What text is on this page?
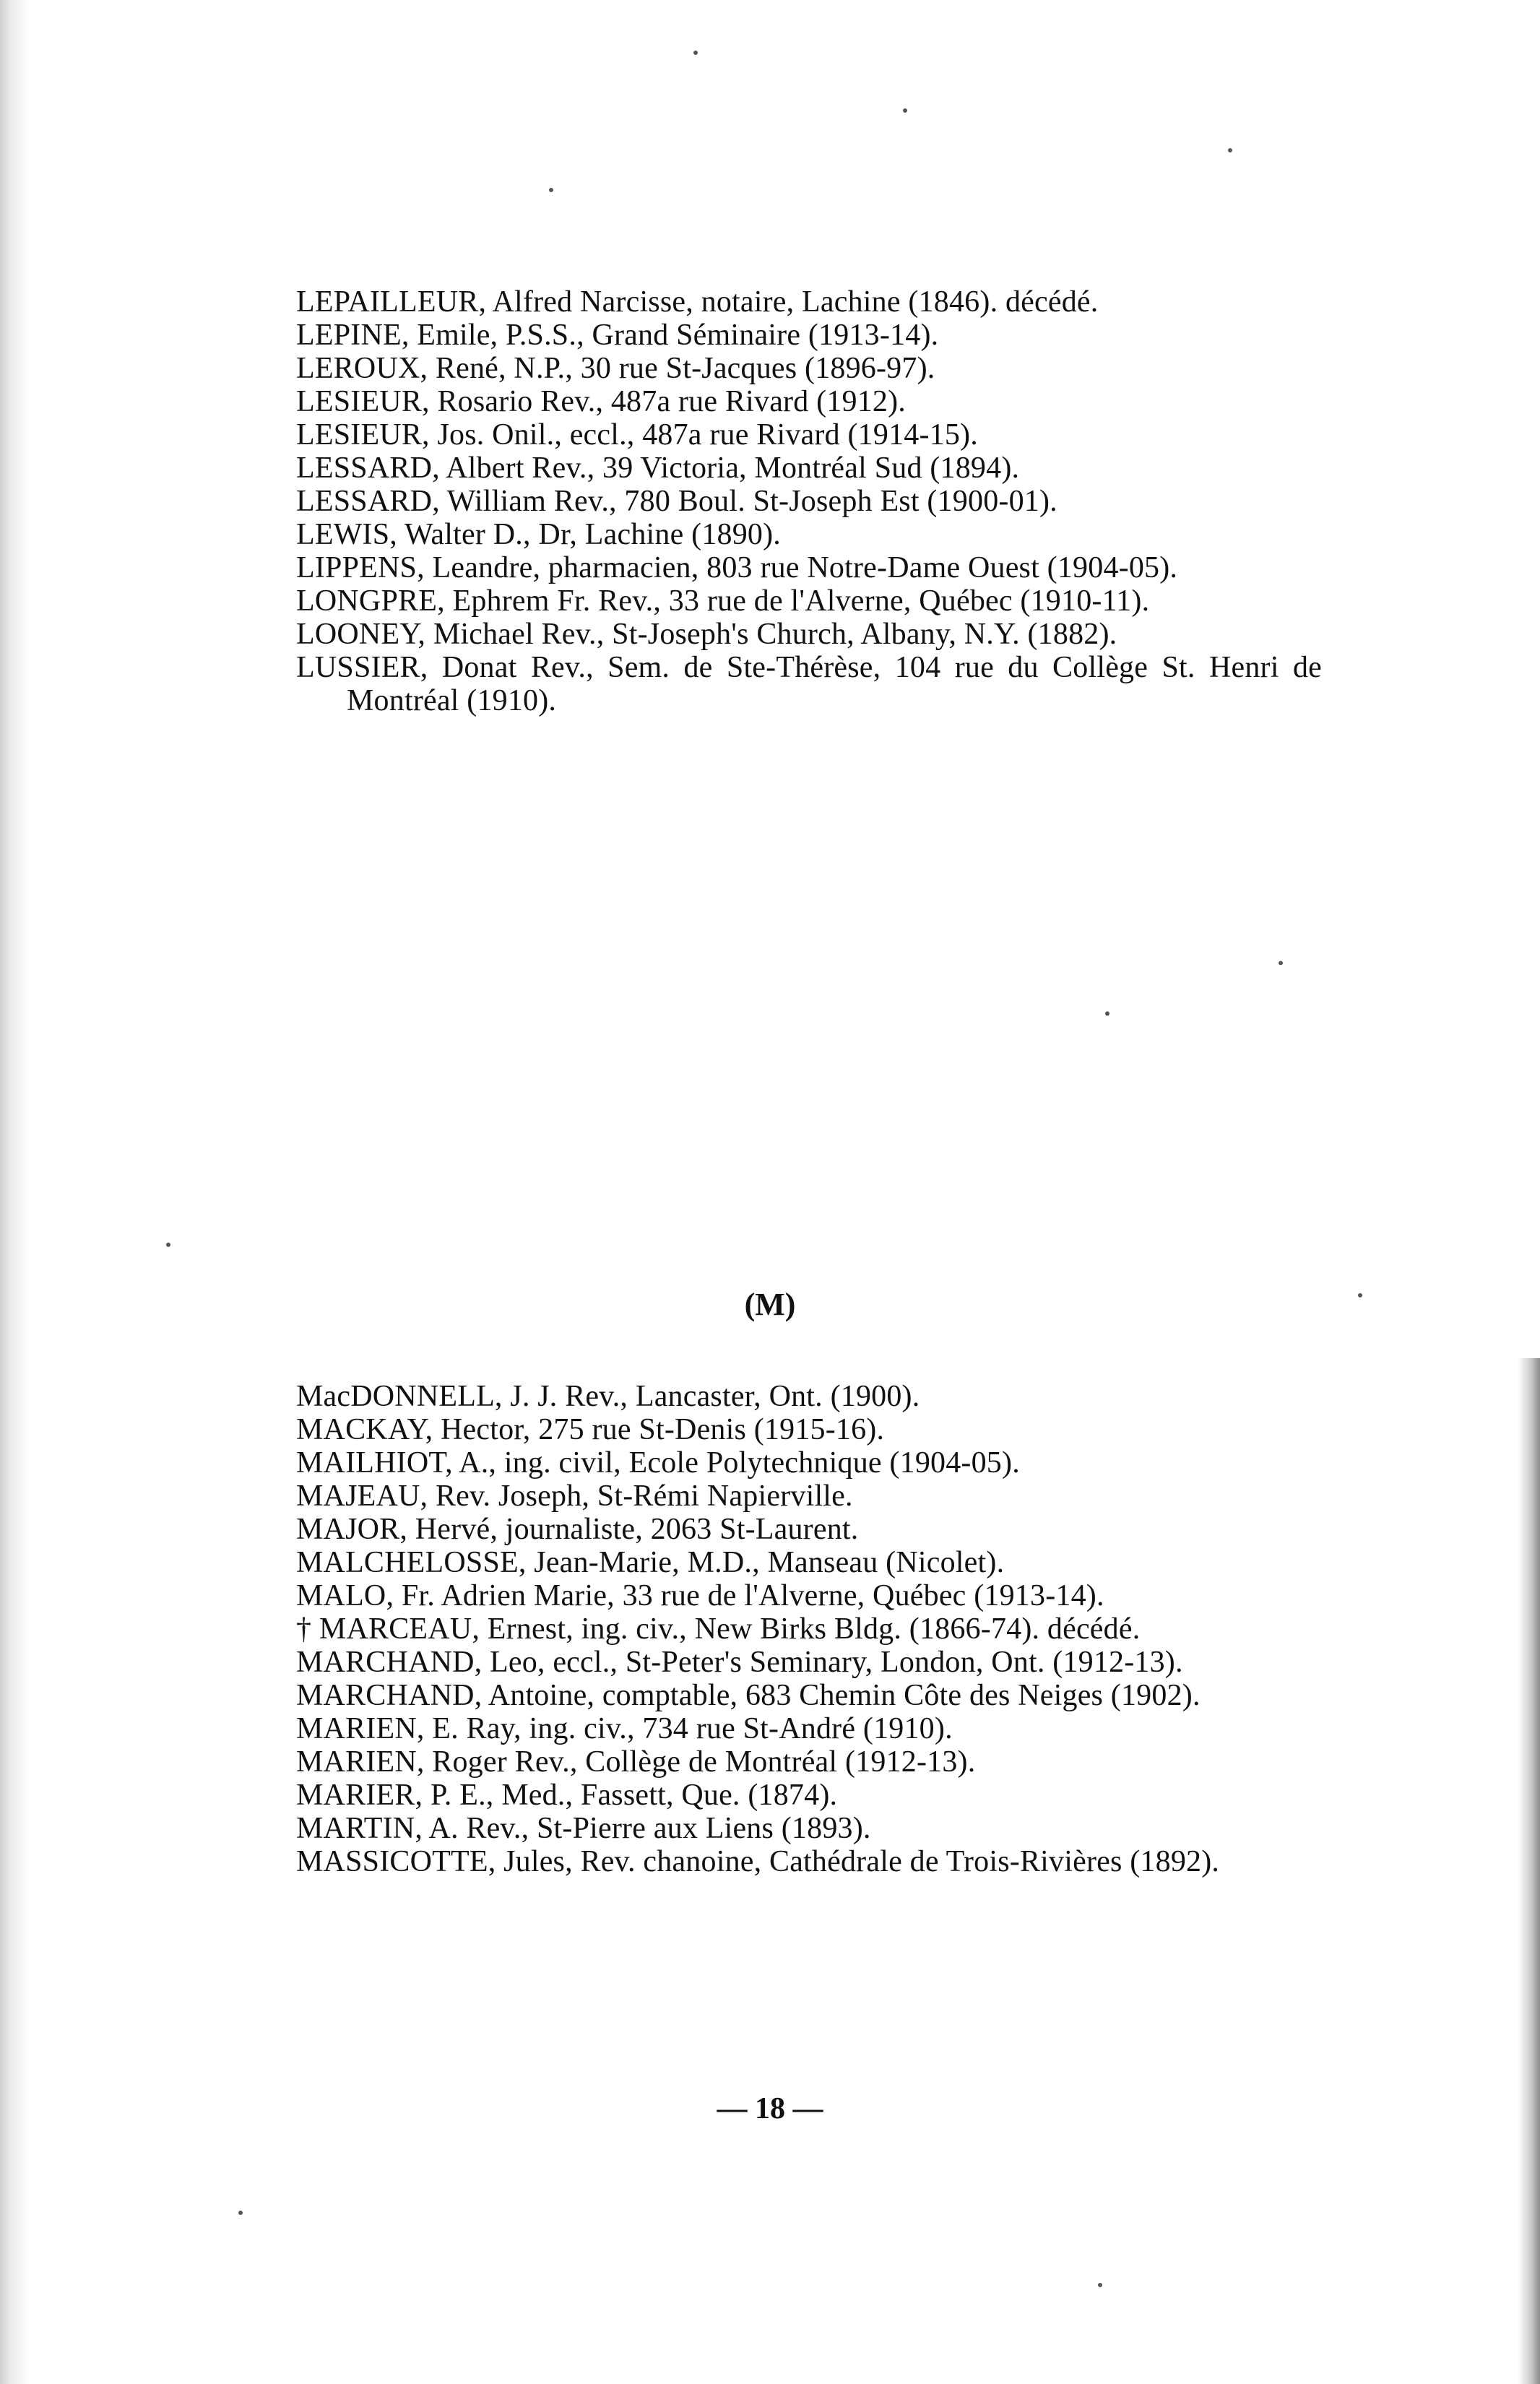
LEPAILLEUR, Alfred Narcisse, notaire, Lachine (1846). décédé.

LEPINE, Emile, P.S.S., Grand Séminaire (1913-14).

LEROUX, René, N.P., 30 rue St-Jacques (1896-97).

LESIEUR, Rosario Rev., 487a rue Rivard (1912).

LESIEUR, Jos. Onil., eccl., 487a rue Rivard (1914-15).

LESSARD, Albert Rev., 39 Victoria, Montréal Sud (1894).

LESSARD, William Rev., 780 Boul. St-Joseph Est (1900-01).

LEWIS, Walter D., Dr, Lachine (1890).

LIPPENS, Leandre, pharmacien, 803 rue Notre-Dame Ouest (1904-05).

LONGPRE, Ephrem Fr. Rev., 33 rue de l'Alverne, Québec (1910-11).

LOONEY, Michael Rev., St-Joseph's Church, Albany, N.Y. (1882).

LUSSIER, Donat Rev., Sem. de Ste-Thérèse, 104 rue du Collège St. Henri de Montréal (1910).

(M)

MacDONNELL, J. J. Rev., Lancaster, Ont. (1900).

MACKAY, Hector, 275 rue St-Denis (1915-16).

MAILHIOT, A., ing. civil, Ecole Polytechnique (1904-05).

MAJEAU, Rev. Joseph, St-Rémi Napierville.

MAJOR, Hervé, journaliste, 2063 St-Laurent.

MALCHELOSSE, Jean-Marie, M.D., Manseau (Nicolet).

MALO, Fr. Adrien Marie, 33 rue de l'Alverne, Québec (1913-14).

† MARCEAU, Ernest, ing. civ., New Birks Bldg. (1866-74). décédé.

MARCHAND, Leo, eccl., St-Peter's Seminary, London, Ont. (1912-13).

MARCHAND, Antoine, comptable, 683 Chemin Côte des Neiges (1902).

MARIEN, E. Ray, ing. civ., 734 rue St-André (1910).

MARIEN, Roger Rev., Collège de Montréal (1912-13).

MARIER, P. E., Med., Fassett, Que. (1874).

MARTIN, A. Rev., St-Pierre aux Liens (1893).

MASSICOTTE, Jules, Rev. chanoine, Cathédrale de Trois-Rivières (1892).

— 18 —
